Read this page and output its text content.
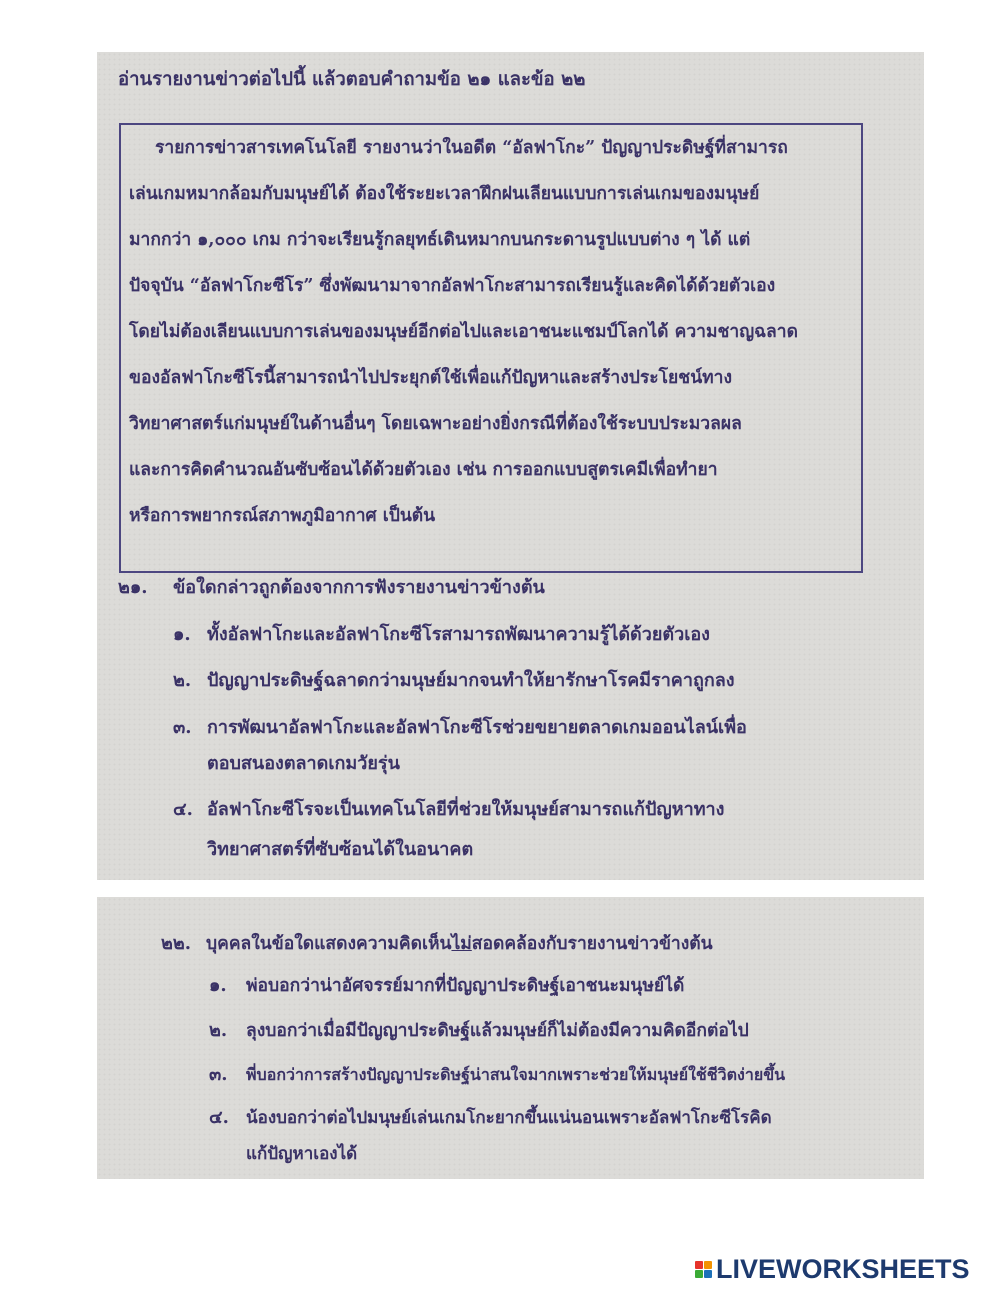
อ่านรายงานข่าวต่อไปนี้ แล้วตอบคำถามข้อ ๒๑ และข้อ ๒๒
รายการข่าวสารเทคโนโลยี รายงานว่าในอดีต “อัลฟาโกะ” ปัญญาประดิษฐ์ที่สามารถ
เล่นเกมหมากล้อมกับมนุษย์ได้ ต้องใช้ระยะเวลาฝึกฝนเลียนแบบการเล่นเกมของมนุษย์
มากกว่า ๑,๐๐๐ เกม กว่าจะเรียนรู้กลยุทธ์เดินหมากบนกระดานรูปแบบต่าง ๆ ได้ แต่
ปัจจุบัน “อัลฟาโกะซีโร” ซึ่งพัฒนามาจากอัลฟาโกะสามารถเรียนรู้และคิดได้ด้วยตัวเอง
โดยไม่ต้องเลียนแบบการเล่นของมนุษย์อีกต่อไปและเอาชนะแชมป์โลกได้ ความชาญฉลาด
ของอัลฟาโกะซีโรนี้สามารถนำไปประยุกต์ใช้เพื่อแก้ปัญหาและสร้างประโยชน์ทาง
วิทยาศาสตร์แก่มนุษย์ในด้านอื่นๆ โดยเฉพาะอย่างยิ่งกรณีที่ต้องใช้ระบบประมวลผล
และการคิดคำนวณอันซับซ้อนได้ด้วยตัวเอง เช่น การออกแบบสูตรเคมีเพื่อทำยา
หรือการพยากรณ์สภาพภูมิอากาศ เป็นต้น
๒๑. ข้อใดกล่าวถูกต้องจากการฟังรายงานข่าวข้างต้น
๑. ทั้งอัลฟาโกะและอัลฟาโกะซีโรสามารถพัฒนาความรู้ได้ด้วยตัวเอง
๒. ปัญญาประดิษฐ์ฉลาดกว่ามนุษย์มากจนทำให้ยารักษาโรคมีราคาถูกลง
๓. การพัฒนาอัลฟาโกะและอัลฟาโกะซีโรช่วยขยายตลาดเกมออนไลน์เพื่อ
ตอบสนองตลาดเกมวัยรุ่น
๔. อัลฟาโกะซีโรจะเป็นเทคโนโลยีที่ช่วยให้มนุษย์สามารถแก้ปัญหาทาง
วิทยาศาสตร์ที่ซับซ้อนได้ในอนาคต
๒๒. บุคคลในข้อใดแสดงความคิดเห็นไม่สอดคล้องกับรายงานข่าวข้างต้น
๑. พ่อบอกว่าน่าอัศจรรย์มากที่ปัญญาประดิษฐ์เอาชนะมนุษย์ได้
๒. ลุงบอกว่าเมื่อมีปัญญาประดิษฐ์แล้วมนุษย์ก็ไม่ต้องมีความคิดอีกต่อไป
๓. พี่บอกว่าการสร้างปัญญาประดิษฐ์น่าสนใจมากเพราะช่วยให้มนุษย์ใช้ชีวิตง่ายขึ้น
๔. น้องบอกว่าต่อไปมนุษย์เล่นเกมโกะยากขึ้นแน่นอนเพราะอัลฟาโกะซีโรคิด
แก้ปัญหาเองได้
LIVEWORKSHEETS
